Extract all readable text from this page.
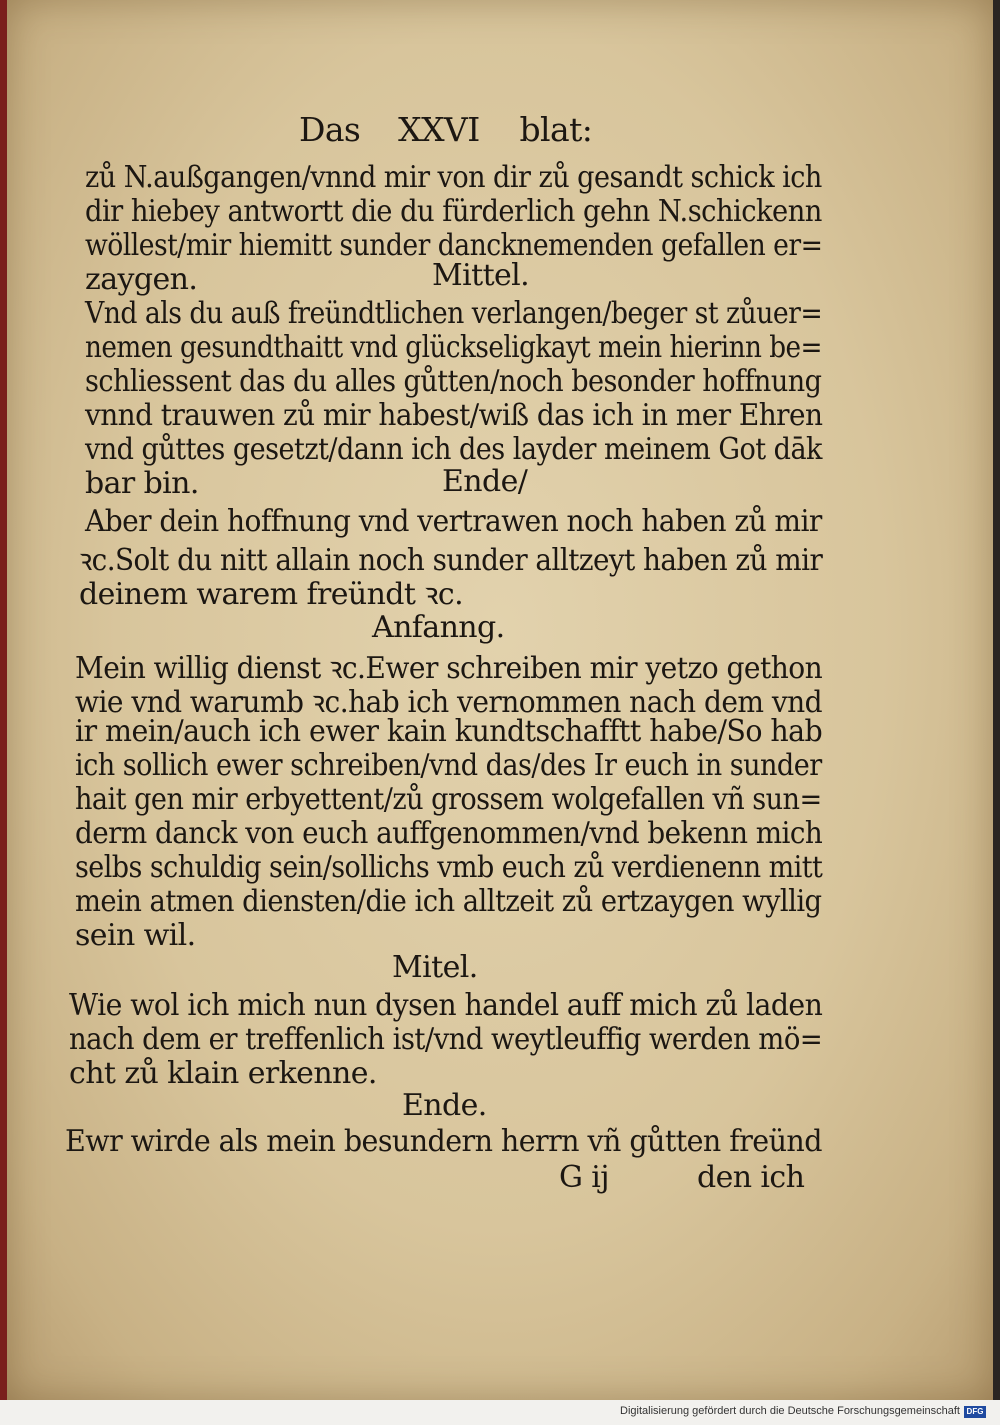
Das XXVI blat:
zů N.außgangen/vnnd mir von dir zů gesandt schick ich
dir hiebey antwortt die du fürderlich gehn N.schickenn
wöllest/mir hiemitt sunder dancknemenden gefallen er=
zaygen.	Mittel.
Vnd als du auß freündtlichen verlangen/beger st zůuer=
nemen gesundthaitt vnd glückseligkayt mein hierinn be=
schliessent das du alles gůtten/noch besonder hoffnung
vnnd trauwen zů mir habest/wiß das ich in mer Ehren
vnd gůttes gesetzt/dann ich des layder meinem Got dāk
bar bin.	Ende/
Aber dein hoffnung vnd vertrawen noch haben zů mir
ꝛc.Solt du nitt allain noch sunder alltzeyt haben zů mir
deinem warem freündt ꝛc.
Anfanng.
Mein willig dienst ꝛc.Ewer schreiben mir yetzo gethon
wie vnd warumb ꝛc.hab ich vernommen nach dem vnd
ir mein/auch ich ewer kain kundtschafftt habe/So hab
ich sollich ewer schreiben/vnd das/des Ir euch in sunder
hait gen mir erbyettent/zů grossem wolgefallen vñ sun=
derm danck von euch auffgenommen/vnd bekenn mich
selbs schuldig sein/sollichs vmb euch zů verdienenn mitt
mein atmen diensten/die ich alltzeit zů ertzaygen wyllig
sein wil.
Mitel.
Wie wol ich mich nun dysen handel auff mich zů laden
nach dem er treffenlich ist/vnd weytleuffig werden mö=
cht zů klain erkenne.
Ende.
Ewr wirde als mein besundern herrn vñ gůtten freünd
G ij	den ich
Digitalisierung gefördert durch die Deutsche Forschungsgemeinschaft DFG
